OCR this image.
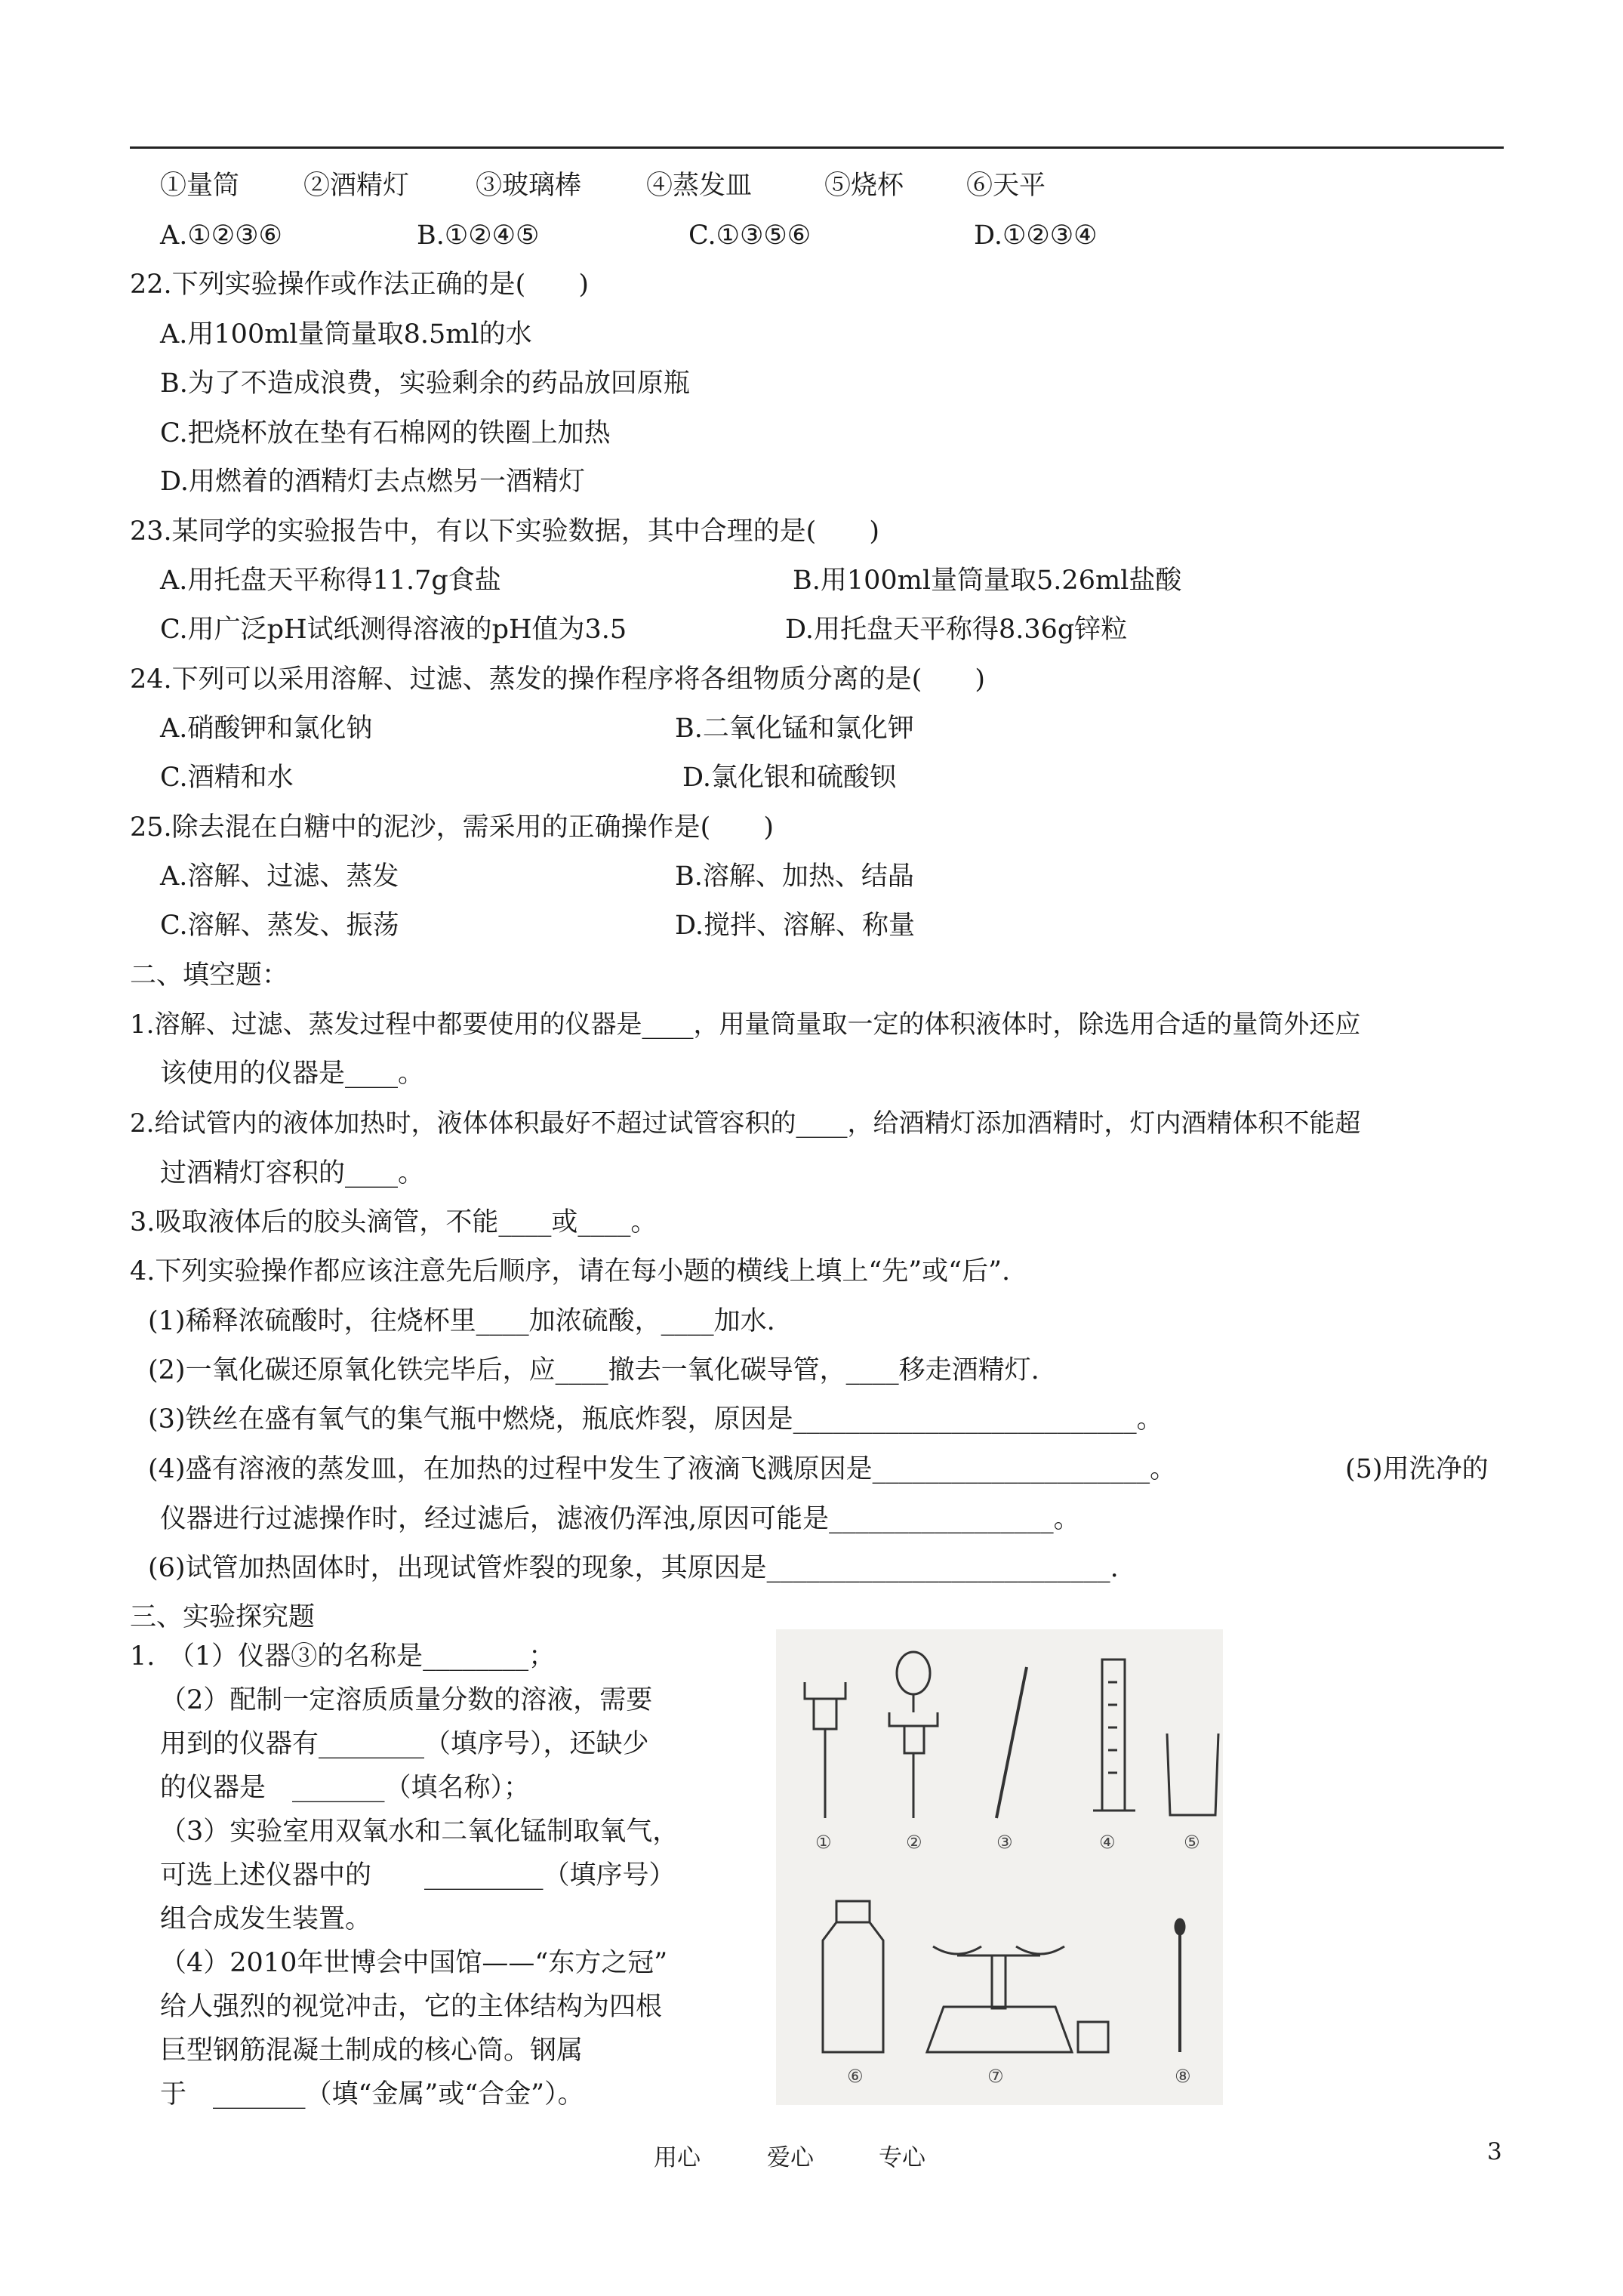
①量筒 ②酒精灯	③玻璃棒 ④蒸发皿	⑤烧杯 ⑥天平
A.①②③⑥	B.①②④⑤	C.①③⑤⑥	D.①②③④
22.下列实验操作或作法正确的是(　　)
A.用100ml量筒量取8.5ml的水
B.为了不造成浪费，实验剩余的药品放回原瓶
C.把烧杯放在垫有石棉网的铁圈上加热
D.用燃着的酒精灯去点燃另一酒精灯
23.某同学的实验报告中，有以下实验数据，其中合理的是(　　)
A.用托盘天平称得11.7g食盐	B.用100ml量筒量取5.26ml盐酸
C.用广泛pH试纸测得溶液的pH值为3.5	D.用托盘天平称得8.36g锌粒
24.下列可以采用溶解、过滤、蒸发的操作程序将各组物质分离的是(　　)
A.硝酸钾和氯化钠	B.二氧化锰和氯化钾
C.酒精和水	D.氯化银和硫酸钡
25.除去混在白糖中的泥沙，需采用的正确操作是(　　)
A.溶解、过滤、蒸发	B.溶解、加热、结晶
C.溶解、蒸发、振荡	D.搅拌、溶解、称量
二、填空题：
1.溶解、过滤、蒸发过程中都要使用的仪器是____，用量筒量取一定的体积液体时，除选用合适的量筒外还应
该使用的仪器是____。
2.给试管内的液体加热时，液体体积最好不超过试管容积的____，给酒精灯添加酒精时，灯内酒精体积不能超
过酒精灯容积的____。
3.吸取液体后的胶头滴管，不能____或____。
4.下列实验操作都应该注意先后顺序，请在每小题的横线上填上“先”或“后”.
(1)稀释浓硫酸时，往烧杯里____加浓硫酸，____加水.
(2)一氧化碳还原氧化铁完毕后，应____撤去一氧化碳导管，____移走酒精灯.
(3)铁丝在盛有氧气的集气瓶中燃烧，瓶底炸裂，原因是__________________________。
(4)盛有溶液的蒸发皿，在加热的过程中发生了液滴飞溅原因是_____________________。	(5)用洗净的
仪器进行过滤操作时，经过滤后，滤液仍浑浊,原因可能是_________________。
(6)试管加热固体时，出现试管炸裂的现象，其原因是__________________________.
三、实验探究题
1.　（1）仪器③的名称是________；
（2）配制一定溶质质量分数的溶液，需要
用到的仪器有________（填序号），还缺少
的仪器是　_______（填名称）；
（3）实验室用双氧水和二氧化锰制取氧气，
可选上述仪器中的　　_________（填序号）
组合成发生装置。
（4）2010年世博会中国馆——“东方之冠”
给人强烈的视觉冲击，它的主体结构为四根
巨型钢筋混凝土制成的核心筒。钢属
于　_______（填“金属”或“合金”）。
①	②	③	④	⑤
⑥	⑦	⑧
用心	爱心	专心	3
